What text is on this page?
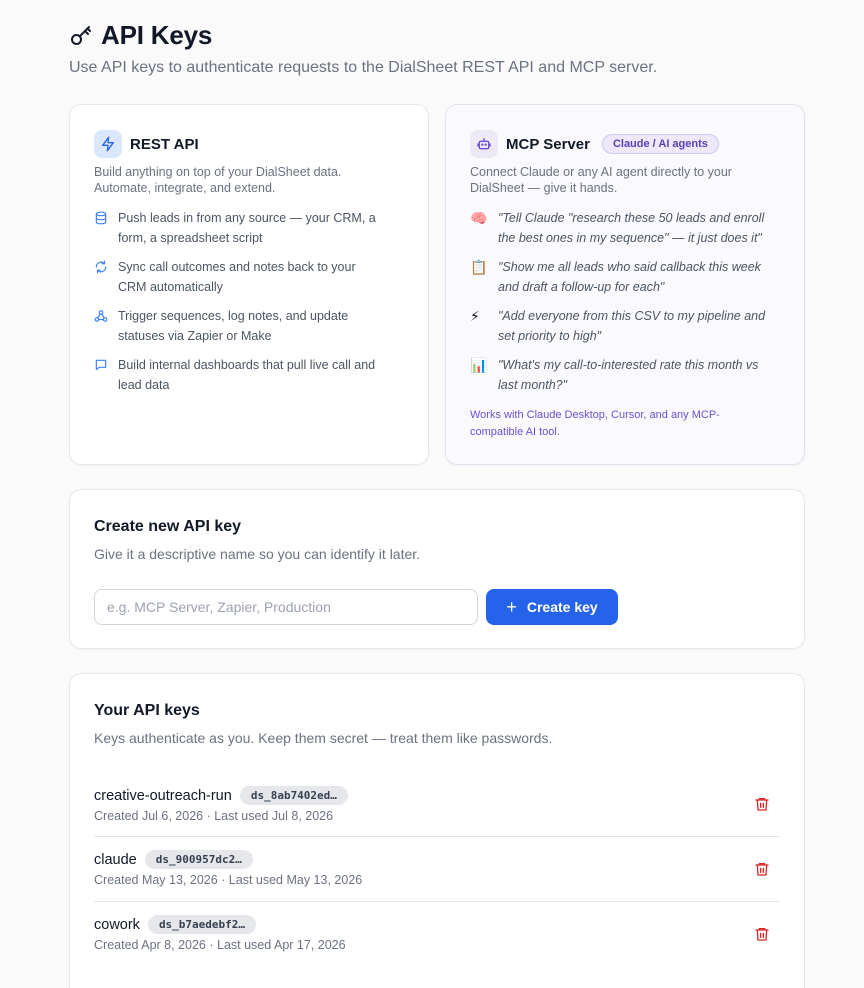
API Keys
Use API keys to authenticate requests to the DialSheet REST API and MCP server.
REST API
Build anything on top of your DialSheet data. Automate, integrate, and extend.
Push leads in from any source — your CRM, a form, a spreadsheet script
Sync call outcomes and notes back to your CRM automatically
Trigger sequences, log notes, and update statuses via Zapier or Make
Build internal dashboards that pull live call and lead data
MCP Server	Claude / AI agents
Connect Claude or any AI agent directly to your DialSheet — give it hands.
🧠 "Tell Claude "research these 50 leads and enroll the best ones in my sequence" — it just does it"
📋 "Show me all leads who said callback this week and draft a follow-up for each"
⚡	"Add everyone from this CSV to my pipeline and set priority to high"
📊 "What's my call-to-interested rate this month vs last month?"
Works with Claude Desktop, Cursor, and any MCP-compatible AI tool.
Create new API key
Give it a descriptive name so you can identify it later.
e.g. MCP Server, Zapier, Production
+ Create key
Your API keys
Keys authenticate as you. Keep them secret — treat them like passwords.
creative-outreach-run	ds_8ab7402ed…
Created Jul 6, 2026 · Last used Jul 8, 2026
claude	ds_900957dc2…
Created May 13, 2026 · Last used May 13, 2026
cowork	ds_b7aedebf2…
Created Apr 8, 2026 · Last used Apr 17, 2026
